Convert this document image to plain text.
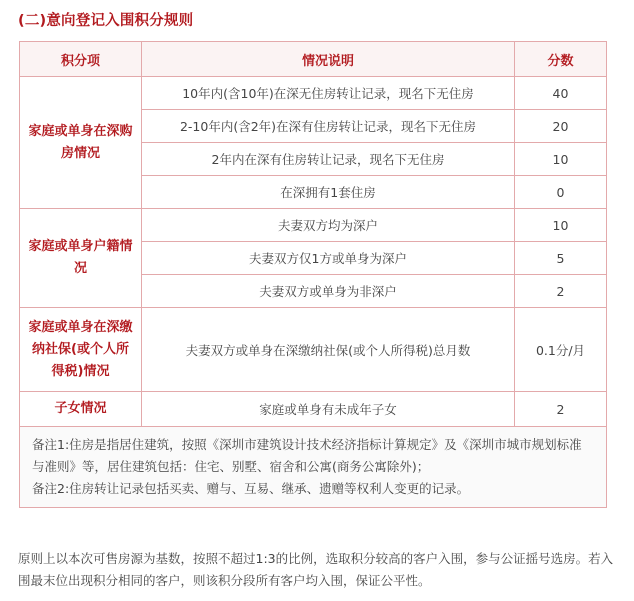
(二)意向登记入围积分规则
积分项	情况说明	分数
家庭或单身在深购房情况	10年内(含10年)在深无住房转让记录，现名下无住房	40
	2-10年内(含2年)在深有住房转让记录，现名下无住房	20
	2年内在深有住房转让记录，现名下无住房	10
	在深拥有1套住房	0
家庭或单身户籍情况	夫妻双方均为深户	10
	夫妻双方仅1方或单身为深户	5
	夫妻双方或单身为非深户	2
家庭或单身在深缴纳社保(或个人所得税)情况	夫妻双方或单身在深缴纳社保(或个人所得税)总月数	0.1分/月
子女情况	家庭或单身有未成年子女	2

备注1:住房是指居住建筑，按照《深圳市建筑设计技术经济指标计算规定》及《深圳市城市规划标准与准则》等，居住建筑包括：住宅、别墅、宿舍和公寓(商务公寓除外)；
备注2:住房转让记录包括买卖、赠与、互易、继承、遗赠等权利人变更的记录。		
原则上以本次可售房源为基数，按照不超过1:3的比例，选取积分较高的客户入围，参与公证摇号选房。若入围最末位出现积分相同的客户，则该积分段所有客户均入围，保证公平性。
